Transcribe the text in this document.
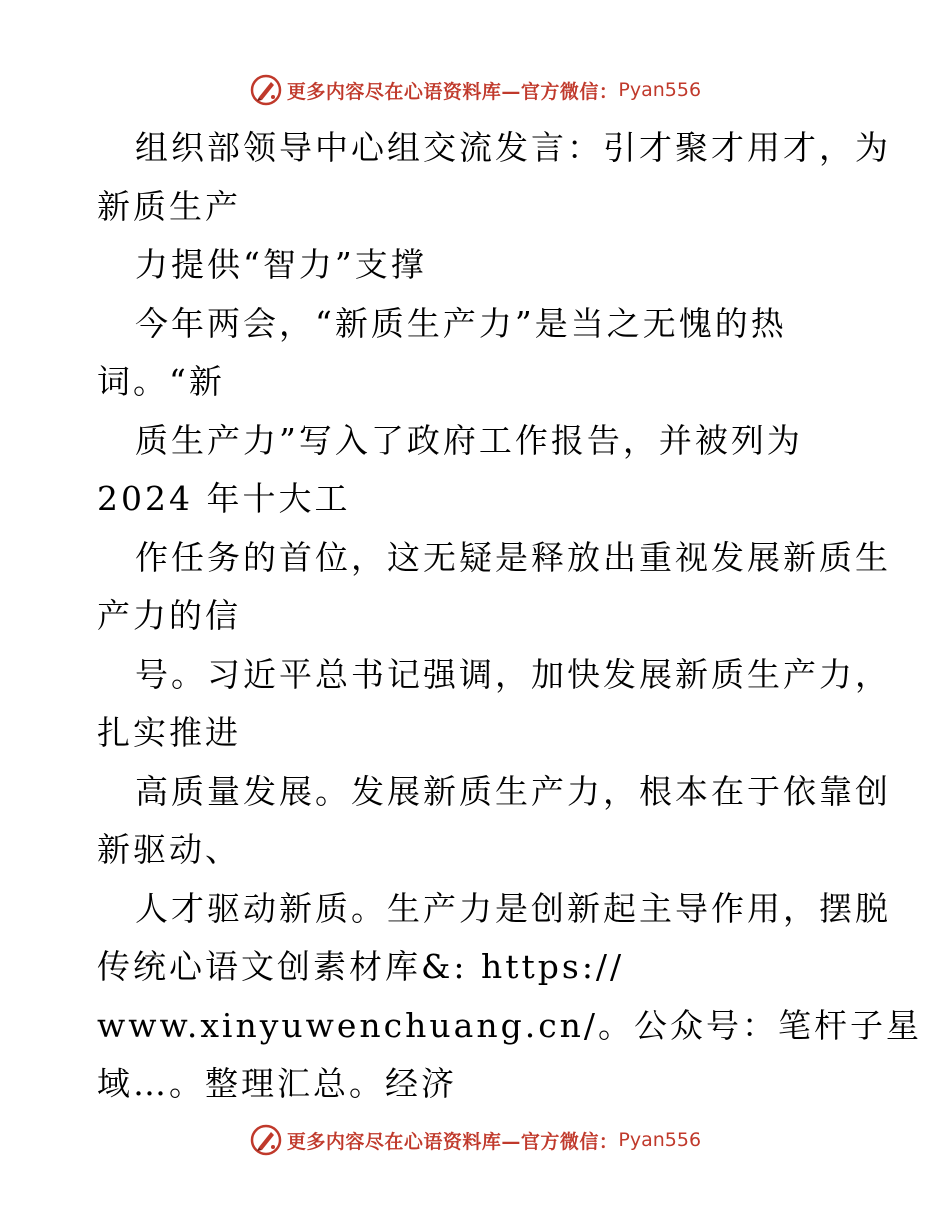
更多内容尽在心语资料库—官方微信： Pyan556
组织部领导中心组交流发言：引才聚才用才，为
新质生产
力提供“智力”支撑
今年两会，“新质生产力”是当之无愧的热
词。“新
质生产力”写入了政府工作报告，并被列为
2024 年十大工
作任务的首位，这无疑是释放出重视发展新质生
产力的信
号。习近平总书记强调，加快发展新质生产力，
扎实推进
高质量发展。发展新质生产力，根本在于依靠创
新驱动、
人才驱动新质。生产力是创新起主导作用，摆脱
传统心语文创素材库&: https://
www.xinyuwenchuang.cn/。公众号：笔杆子星
域…。整理汇总。经济
更多内容尽在心语资料库—官方微信： Pyan556
